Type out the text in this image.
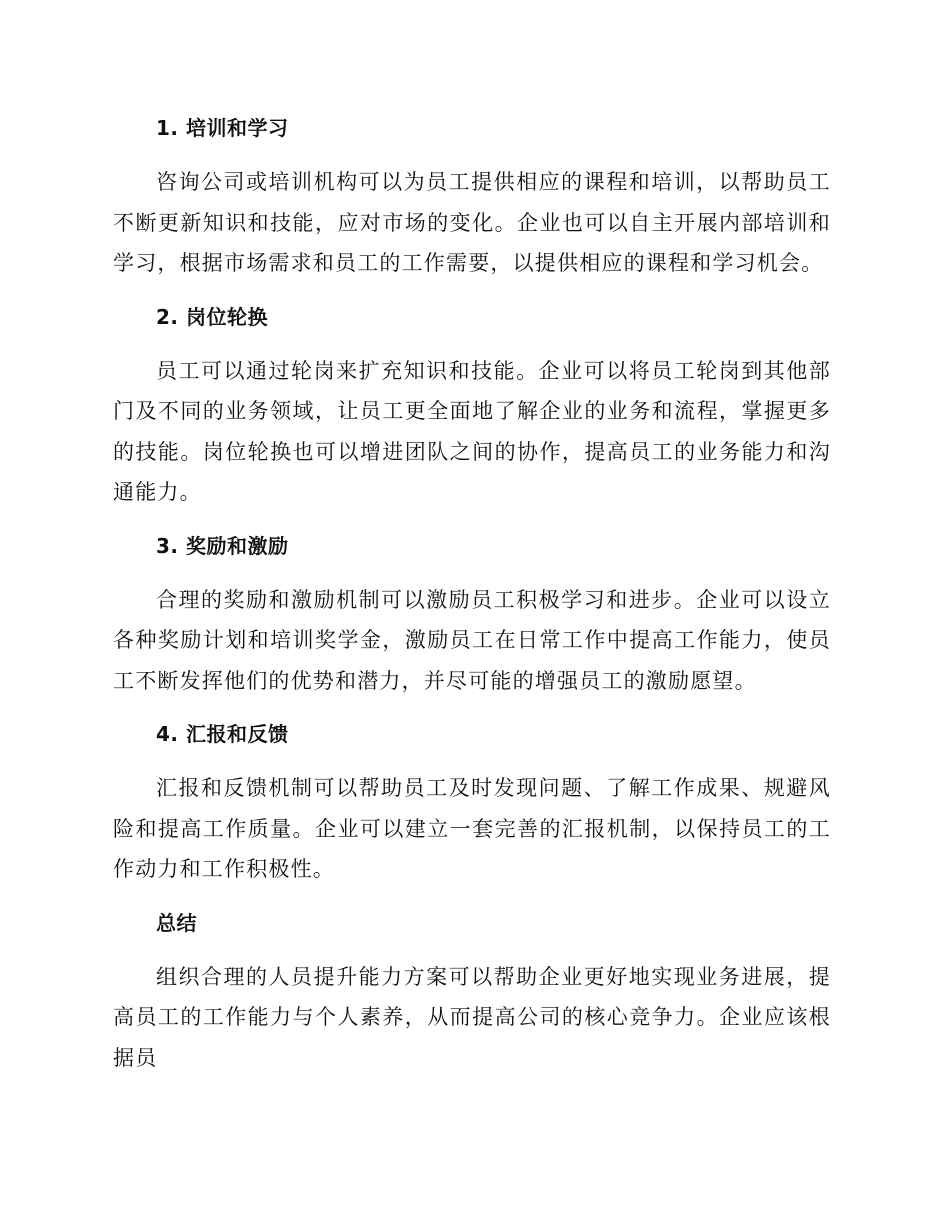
1. 培训和学习

咨询公司或培训机构可以为员工提供相应的课程和培训，以帮助员工不断更新知识和技能，应对市场的变化。企业也可以自主开展内部培训和学习，根据市场需求和员工的工作需要，以提供相应的课程和学习机会。

2. 岗位轮换

员工可以通过轮岗来扩充知识和技能。企业可以将员工轮岗到其他部门及不同的业务领域，让员工更全面地了解企业的业务和流程，掌握更多的技能。岗位轮换也可以增进团队之间的协作，提高员工的业务能力和沟通能力。

3. 奖励和激励

合理的奖励和激励机制可以激励员工积极学习和进步。企业可以设立各种奖励计划和培训奖学金，激励员工在日常工作中提高工作能力，使员工不断发挥他们的优势和潜力，并尽可能的增强员工的激励愿望。

4. 汇报和反馈

汇报和反馈机制可以帮助员工及时发现问题、了解工作成果、规避风险和提高工作质量。企业可以建立一套完善的汇报机制，以保持员工的工作动力和工作积极性。

总结

组织合理的人员提升能力方案可以帮助企业更好地实现业务进展，提高员工的工作能力与个人素养，从而提高公司的核心竞争力。企业应该根据员
